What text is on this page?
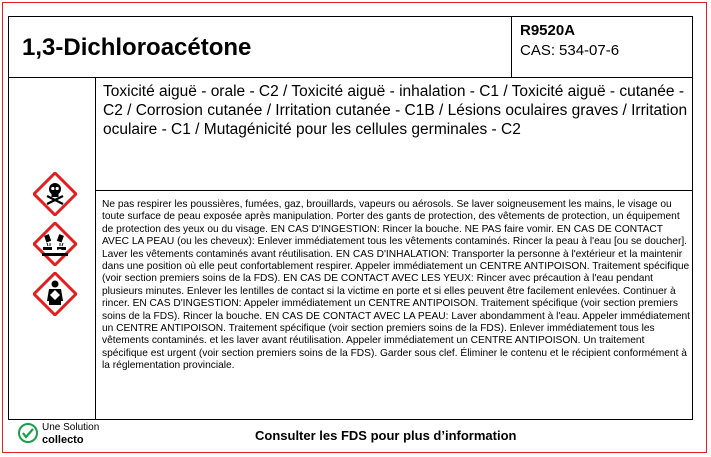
1,3-Dichloroacétone
R9520A
CAS: 534-07-6
Toxicité aiguë - orale - C2 / Toxicité aiguë - inhalation - C1 / Toxicité aiguë - cutanée - C2 / Corrosion cutanée / Irritation cutanée - C1B / Lésions oculaires graves / Irritation oculaire - C1 / Mutagénicité pour les cellules germinales - C2
Ne pas respirer les poussières, fumées, gaz, brouillards, vapeurs ou aérosols. Se laver soigneusement les mains, le visage ou toute surface de peau exposée après manipulation. Porter des gants de protection, des vêtements de protection, un équipement de protection des yeux ou du visage. EN CAS D'INGESTION: Rincer la bouche. NE PAS faire vomir. EN CAS DE CONTACT AVEC LA PEAU (ou les cheveux): Enlever immédiatement tous les vêtements contaminés. Rincer la peau à l'eau [ou se doucher]. Laver les vêtements contaminés avant réutilisation. EN CAS D'INHALATION: Transporter la personne à l'extérieur et la maintenir dans une position où elle peut confortablement respirer. Appeler immédiatement un CENTRE ANTIPOISON. Traitement spécifique (voir section premiers soins de la FDS). EN CAS DE CONTACT AVEC LES YEUX: Rincer avec précaution à l'eau pendant plusieurs minutes. Enlever les lentilles de contact si la victime en porte et si elles peuvent être facilement enlevées. Continuer à rincer. EN CAS D'INGESTION: Appeler immédiatement un CENTRE ANTIPOISON. Traitement spécifique (voir section premiers soins de la FDS). Rincer la bouche. EN CAS DE CONTACT AVEC LA PEAU: Laver abondamment à l'eau. Appeler immédiatement un CENTRE ANTIPOISON. Traitement spécifique (voir section premiers soins de la FDS). Enlever immédiatement tous les vêtements contaminés. et les laver avant réutilisation. Appeler immédiatement un CENTRE ANTIPOISON. Un traitement spécifique est urgent (voir section premiers soins de la FDS). Garder sous clef. Éliminer le contenu et le récipient conformément à la réglementation provinciale.
Une Solution
collecto	Consulter les FDS pour plus d’information
